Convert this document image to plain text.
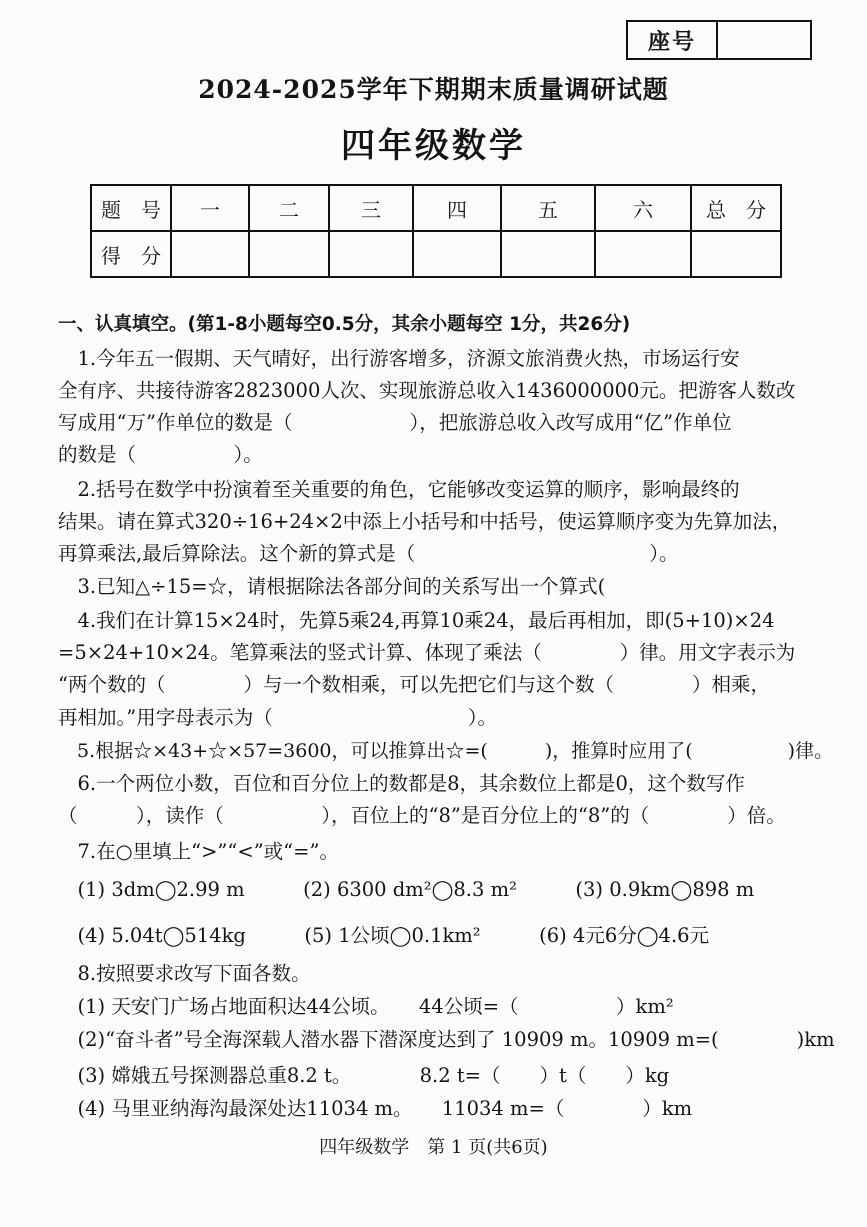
座号
2024-2025学年下期期末质量调研试题
四年级数学
题　号	一	二	三	四	五	六	总　分
得　分							
一、认真填空。(第1-8小题每空0.5分，其余小题每空 1分，共26分)
　1.今年五一假期、天气晴好，出行游客增多，济源文旅消费火热，市场运行安
全有序、共接待游客2823000人次、实现旅游总收入1436000000元。把游客人数改
写成用“万”作单位的数是（　　　　　　），把旅游总收入改写成用“亿”作单位
的数是（　　　　　）。
　2.括号在数学中扮演着至关重要的角色，它能够改变运算的顺序，影响最终的
结果。请在算式320÷16+24×2中添上小括号和中括号，使运算顺序变为先算加法，
再算乘法,最后算除法。这个新的算式是（　　　　　　　　　　　　）。
　3.已知△÷15=☆，请根据除法各部分间的关系写出一个算式(
　4.我们在计算15×24时，先算5乘24,再算10乘24，最后再相加，即(5+10)×24
=5×24+10×24。笔算乘法的竖式计算、体现了乘法（　　　　）律。用文字表示为
“两个数的（　　　　）与一个数相乘，可以先把它们与这个数（　　　　）相乘，
再相加。”用字母表示为（　　　　　　　　　　）。
　5.根据☆×43+☆×57=3600，可以推算出☆=(　　　)，推算时应用了(　　　　　)律。
　6.一个两位小数，百位和百分位上的数都是8，其余数位上都是0，这个数写作
（　　　），读作（　　　　　），百位上的“8”是百分位上的“8”的（　　　　）倍。
　7.在○里填上“>”“<”或“=”。
　(1) 3dm◯2.99 m　　　(2) 6300 dm²◯8.3 m²　　　(3) 0.9km◯898 m
　(4) 5.04t◯514kg　　　(5) 1公顷◯0.1km²　　　(6) 4元6分◯4.6元
　8.按照要求改写下面各数。
　(1) 天安门广场占地面积达44公顷。　　44公顷=（　　　　　）km²
　(2)“奋斗者”号全海深载人潜水器下潜深度达到了 10909 m。10909 m=(　　　　)km
　(3) 嫦娥五号探测器总重8.2 t。　　　　8.2 t=（　　）t（　　）kg
　(4) 马里亚纳海沟最深处达11034 m。　　11034 m=（　　　　）km
四年级数学　第 1 页(共6页)
